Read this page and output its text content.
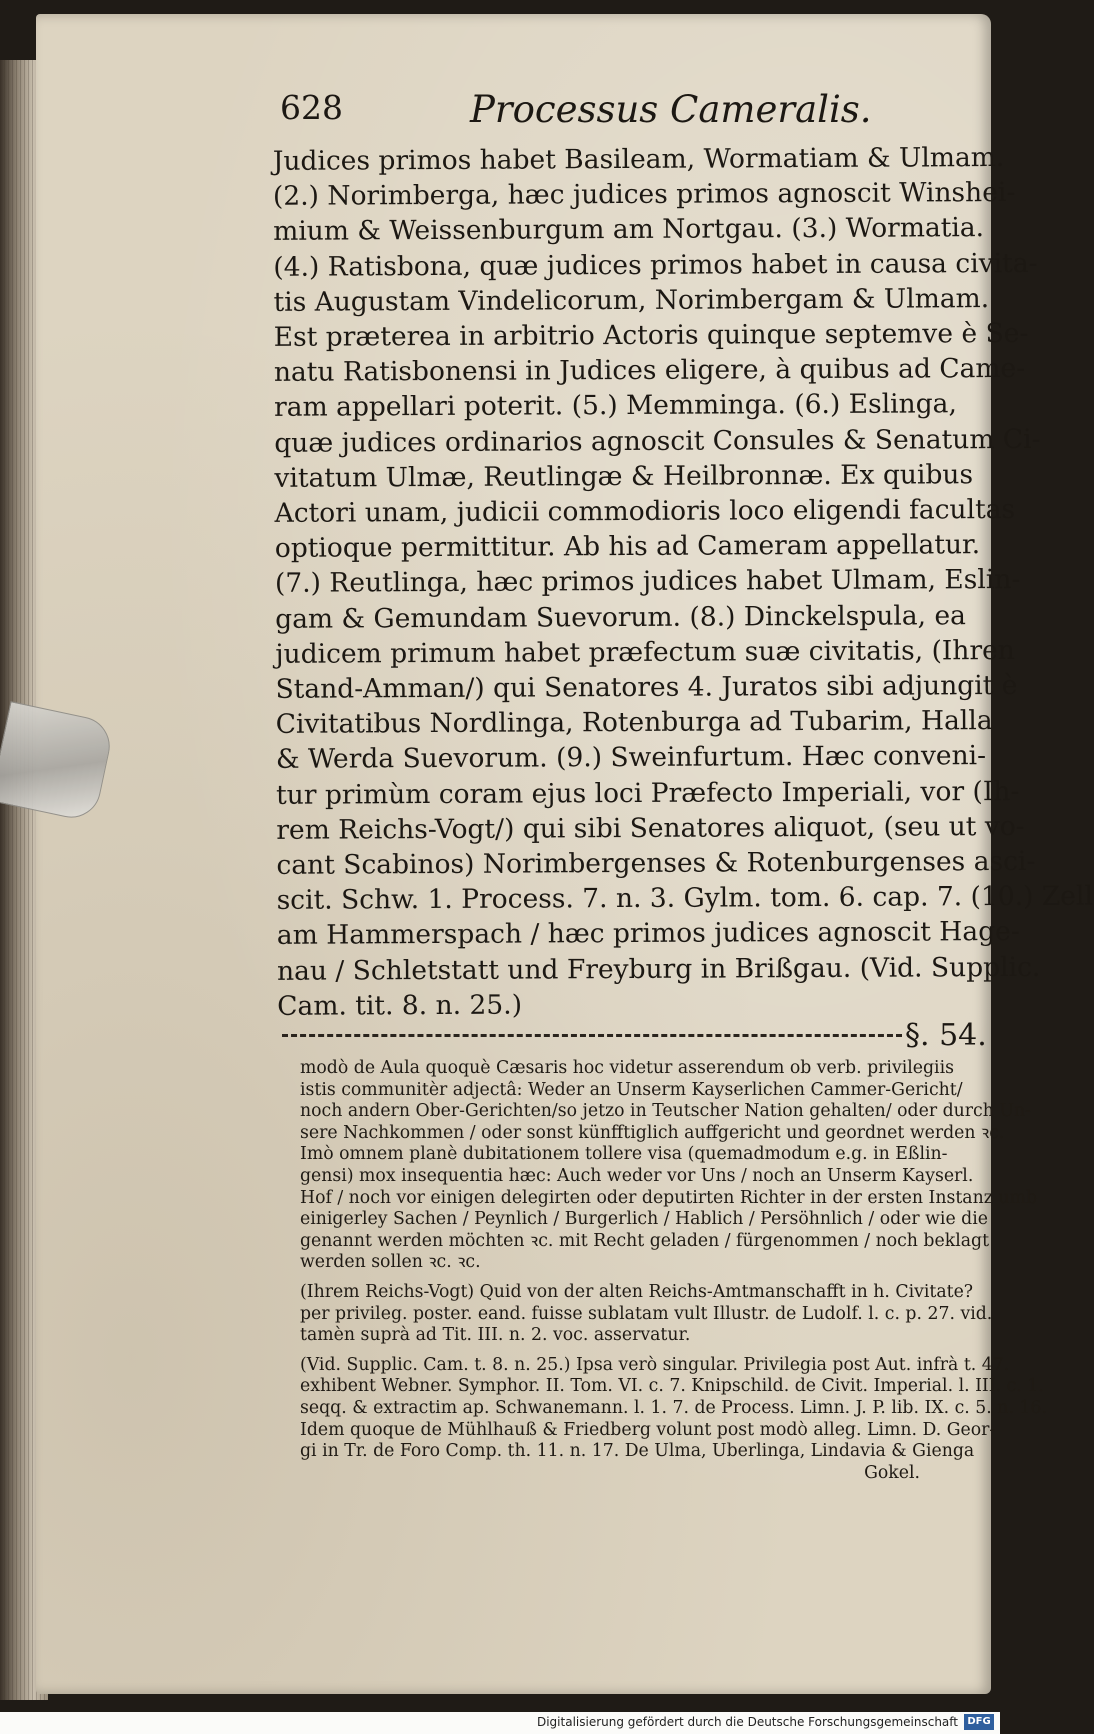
628	Processus Cameralis.
Judices primos habet Basileam, Wormatiam & Ulmam.
(2.) Norimberga, hæc judices primos agnoscit Winshei-
mium & Weissenburgum am Nortgau. (3.) Wormatia.
(4.) Ratisbona, quæ judices primos habet in causa civita-
tis Augustam Vindelicorum, Norimbergam & Ulmam.
Est præterea in arbitrio Actoris quinque septemve è Se-
natu Ratisbonensi in Judices eligere, à quibus ad Came-
ram appellari poterit. (5.) Memminga. (6.) Eslinga,
quæ judices ordinarios agnoscit Consules & Senatum Ci-
vitatum Ulmæ, Reutlingæ & Heilbronnæ. Ex quibus
Actori unam, judicii commodioris loco eligendi facultas
optioque permittitur. Ab his ad Cameram appellatur.
(7.) Reutlinga, hæc primos judices habet Ulmam, Eslin-
gam & Gemundam Suevorum. (8.) Dinckelspula, ea
judicem primum habet præfectum suæ civitatis, (Ihren
Stand-Amman/) qui Senatores 4. Juratos sibi adjungit è
Civitatibus Nordlinga, Rotenburga ad Tubarim, Halla
& Werda Suevorum. (9.) Sweinfurtum. Hæc conveni-
tur primùm coram ejus loci Præfecto Imperiali, vor (Ih-
rem Reichs-Vogt/) qui sibi Senatores aliquot, (seu ut vo-
cant Scabinos) Norimbergenses & Rotenburgenses asci-
scit. Schw. 1. Process. 7. n. 3. Gylm. tom. 6. cap. 7. (10.) Zell
am Hammerspach / hæc primos judices agnoscit Hage-
nau / Schletstatt und Freyburg in Brißgau. (Vid. Supplic.
Cam. tit. 8. n. 25.)
§. 54.
modò de Aula quoquè Cæsaris hoc videtur asserendum ob verb. privilegiis
istis communitèr adjectâ: Weder an Unserm Kayserlichen Cammer-Gericht/
noch andern Ober-Gerichten/so jetzo in Teutscher Nation gehalten/ oder durch Un-
sere Nachkommen / oder sonst künfftiglich auffgericht und geordnet werden ꝛc.
Imò omnem planè dubitationem tollere visa (quemadmodum e.g. in Eßlin-
gensi) mox insequentia hæc: Auch weder vor Uns / noch an Unserm Kayserl.
Hof / noch vor einigen delegirten oder deputirten Richter in der ersten Instanz umb
einigerley Sachen / Peynlich / Burgerlich / Hablich / Persöhnlich / oder wie die
genannt werden möchten ꝛc. mit Recht geladen / fürgenommen / noch beklagt
werden sollen ꝛc. ꝛc.
(Ihrem Reichs-Vogt) Quid von der alten Reichs-Amtmanschafft in h. Civitate?
per privileg. poster. eand. fuisse sublatam vult Illustr. de Ludolf. l. c. p. 27. vid.
tamèn suprà ad Tit. III. n. 2. voc. asservatur.
(Vid. Supplic. Cam. t. 8. n. 25.) Ipsa verò singular. Privilegia post Aut. infrà t. 47.
exhibent Webner. Symphor. II. Tom. VI. c. 7. Knipschild. de Civit. Imperial. l. III. c. 1.
seqq. & extractim ap. Schwanemann. l. 1. 7. de Process. Limn. J. P. lib. IX. c. 5. n. 16.
Idem quoque de Mühlhauß & Friedberg volunt post modò alleg. Limn. D. Geor-
gi in Tr. de Foro Comp. th. 11. n. 17. De Ulma, Uberlinga, Lindavia & Gienga
Gokel.
Digitalisierung gefördert durch die Deutsche Forschungsgemeinschaft DFG
